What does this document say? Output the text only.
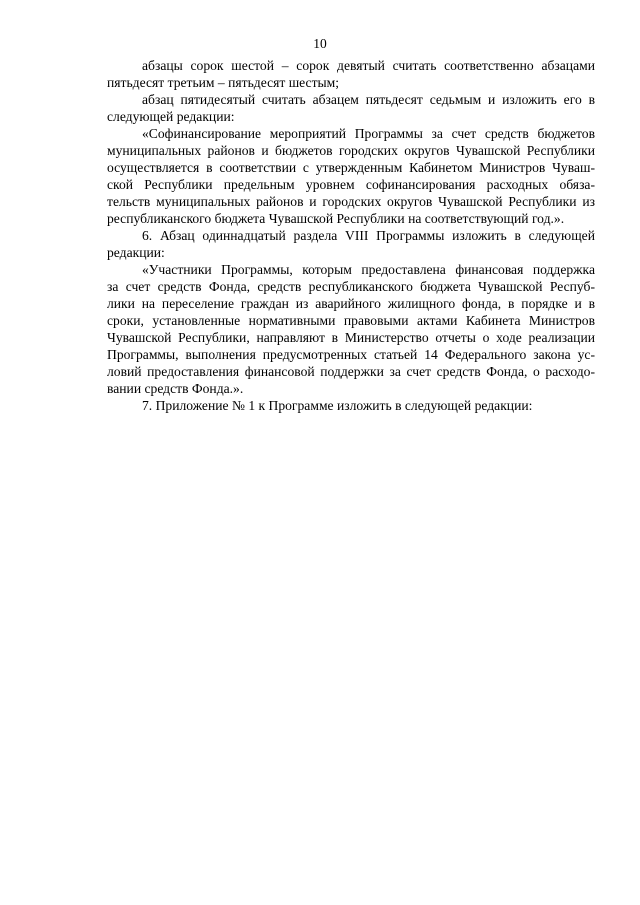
10
абзацы сорок шестой – сорок девятый считать соответственно абзацами
пятьдесят третьим – пятьдесят шестым;
абзац пятидесятый считать абзацем пятьдесят седьмым и изложить его в
следующей редакции:
«Софинансирование мероприятий Программы за счет средств бюджетов
муниципальных районов и бюджетов городских округов Чувашской Республики
осуществляется в соответствии с утвержденным Кабинетом Министров Чуваш-
ской Республики предельным уровнем софинансирования расходных обяза-
тельств муниципальных районов и городских округов Чувашской Республики из
республиканского бюджета Чувашской Республики на соответствующий год.».
6. Абзац одиннадцатый раздела VIII Программы изложить в следующей
редакции:
«Участники Программы, которым предоставлена финансовая поддержка
за счет средств Фонда, средств республиканского бюджета Чувашской Респуб-
лики на переселение граждан из аварийного жилищного фонда, в порядке и в
сроки, установленные нормативными правовыми актами Кабинета Министров
Чувашской Республики, направляют в Министерство отчеты о ходе реализации
Программы, выполнения предусмотренных статьей 14 Федерального закона ус-
ловий предоставления финансовой поддержки за счет средств Фонда, о расходо-
вании средств Фонда.».
7. Приложение № 1 к Программе изложить в следующей редакции:
